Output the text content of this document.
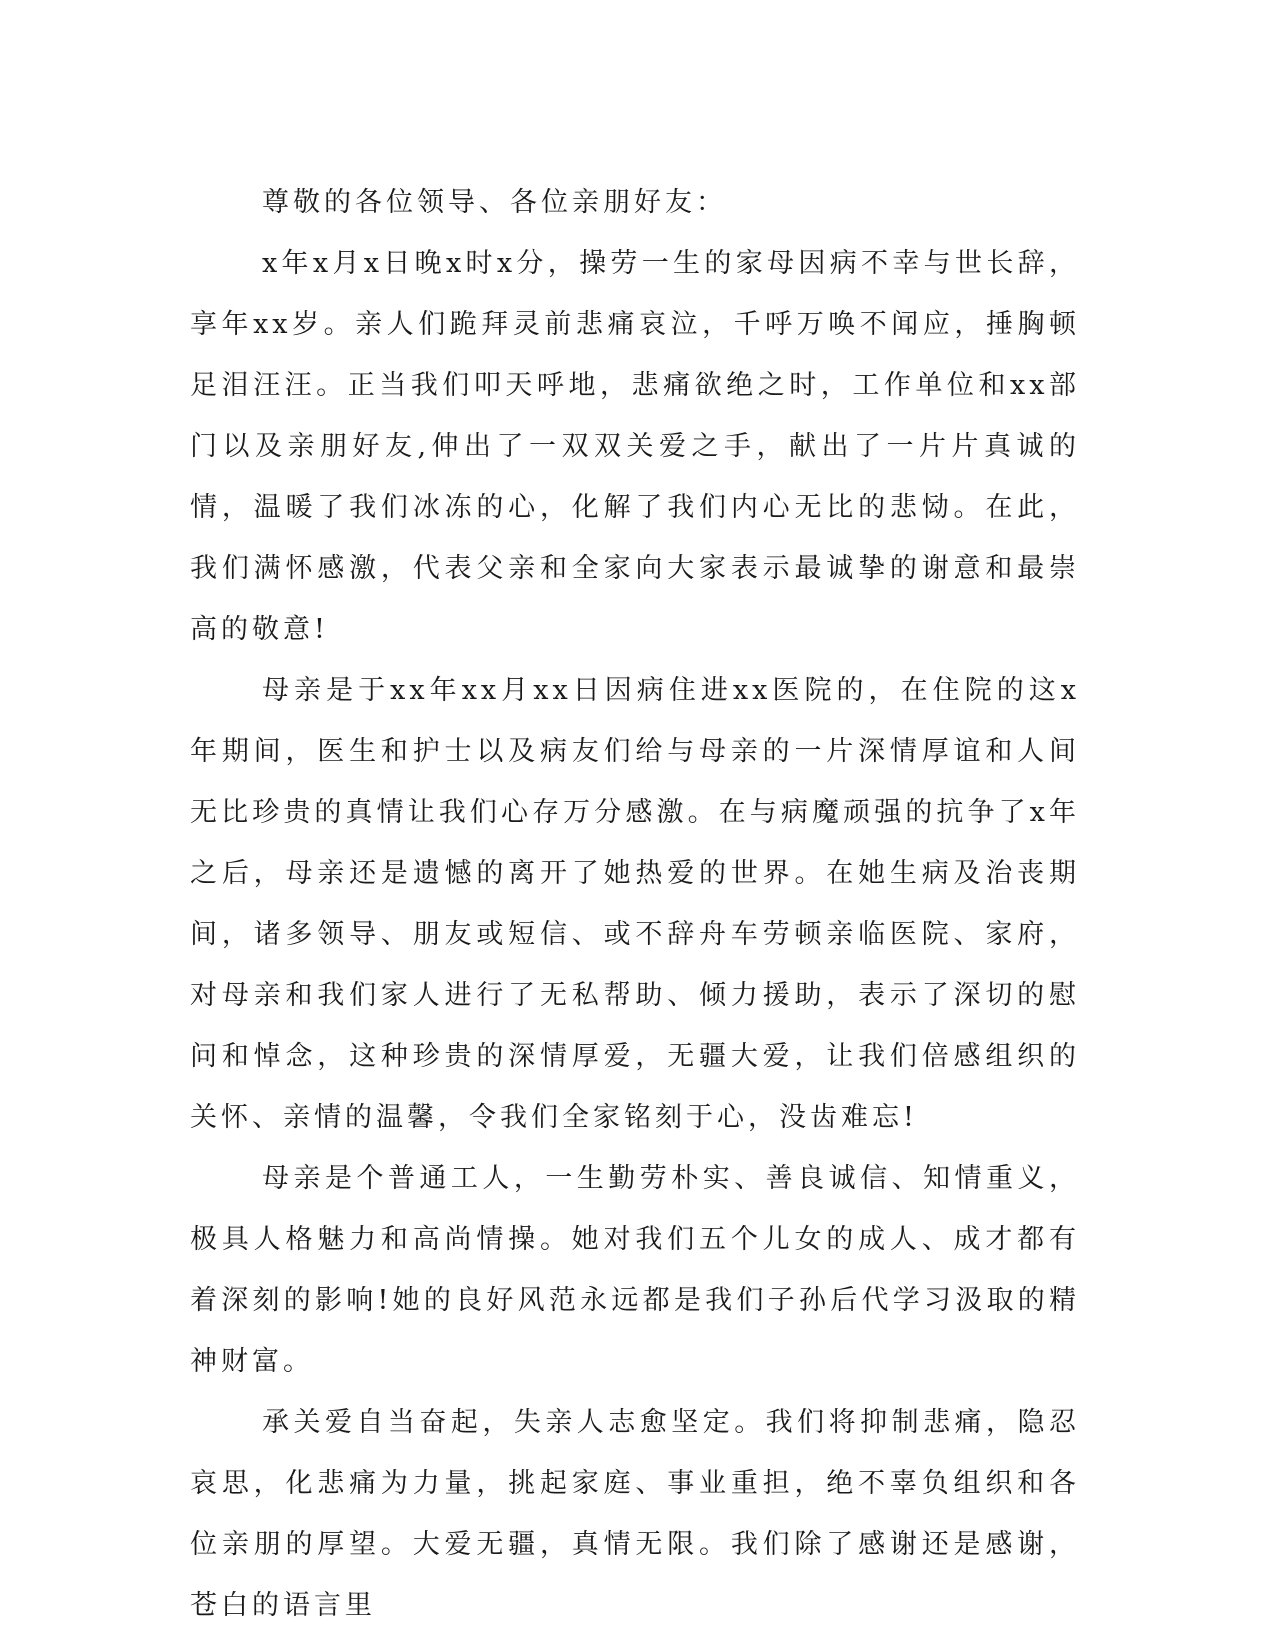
尊敬的各位领导、各位亲朋好友：

x年x月x日晚x时x分，操劳一生的家母因病不幸与世长辞，享年xx岁。亲人们跪拜灵前悲痛哀泣，千呼万唤不闻应，捶胸顿足泪汪汪。正当我们叩天呼地，悲痛欲绝之时，工作单位和xx部门以及亲朋好友,伸出了一双双关爱之手，献出了一片片真诚的情，温暖了我们冰冻的心，化解了我们内心无比的悲恸。在此，我们满怀感激，代表父亲和全家向大家表示最诚挚的谢意和最崇高的敬意!

母亲是于xx年xx月xx日因病住进xx医院的，在住院的这x年期间，医生和护士以及病友们给与母亲的一片深情厚谊和人间无比珍贵的真情让我们心存万分感激。在与病魔顽强的抗争了x年之后，母亲还是遗憾的离开了她热爱的世界。在她生病及治丧期间，诸多领导、朋友或短信、或不辞舟车劳顿亲临医院、家府，对母亲和我们家人进行了无私帮助、倾力援助，表示了深切的慰问和悼念，这种珍贵的深情厚爱，无疆大爱，让我们倍感组织的关怀、亲情的温馨，令我们全家铭刻于心，没齿难忘!

母亲是个普通工人，一生勤劳朴实、善良诚信、知情重义，极具人格魅力和高尚情操。她对我们五个儿女的成人、成才都有着深刻的影响!她的良好风范永远都是我们子孙后代学习汲取的精神财富。

承关爱自当奋起，失亲人志愈坚定。我们将抑制悲痛，隐忍哀思，化悲痛为力量，挑起家庭、事业重担，绝不辜负组织和各位亲朋的厚望。大爱无疆，真情无限。我们除了感谢还是感谢，苍白的语言里
